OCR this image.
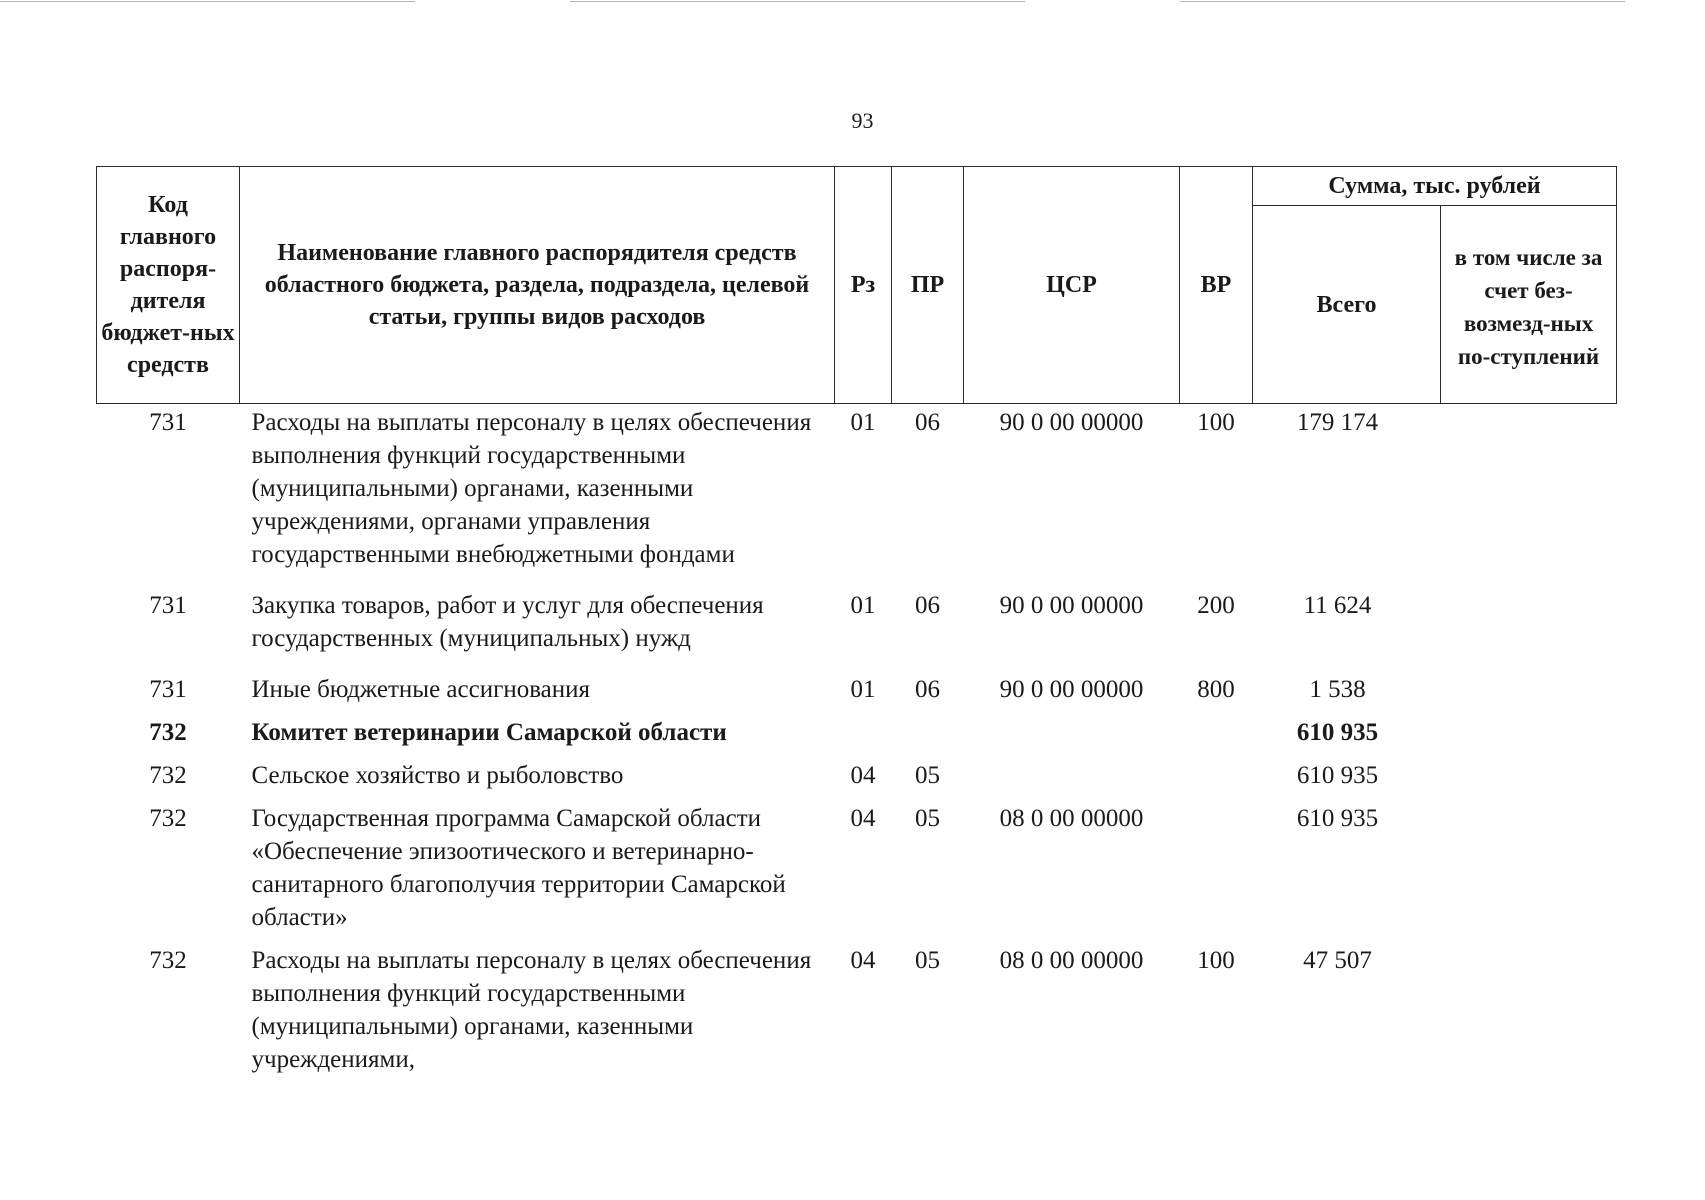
93
Код главного распоря-дителя бюджет-ных средств	Наименование главного распорядителя средств областного бюджета, раздела, подраздела, целевой статьи, группы видов расходов	Рз	ПР	ЦСР	ВР	Сумма, тыс. рублей	
						Всего	в том числе за счет без-возмезд-ных по-ступлений
731	Расходы на выплаты персоналу в целях обеспечения выполнения функций государственными (муниципальными) органами, казенными учреждениями, органами управления государственными внебюджетными фондами	01	06	90 0 00 00000	100	179 174	
731	Закупка товаров, работ и услуг для обеспечения государственных (муниципальных) нужд	01	06	90 0 00 00000	200	11 624	
731	Иные бюджетные ассигнования	01	06	90 0 00 00000	800	1 538	
732	Комитет ветеринарии Самарской области					610 935	
732	Сельское хозяйство и рыболовство	04	05			610 935	
732	Государственная программа Самарской области «Обеспечение эпизоотического и ветеринарно-санитарного благополучия территории Самарской области»	04	05	08 0 00 00000		610 935	
732	Расходы на выплаты персоналу в целях обеспечения выполнения функций государственными (муниципальными) органами, казенными учреждениями,	04	05	08 0 00 00000	100	47 507	
